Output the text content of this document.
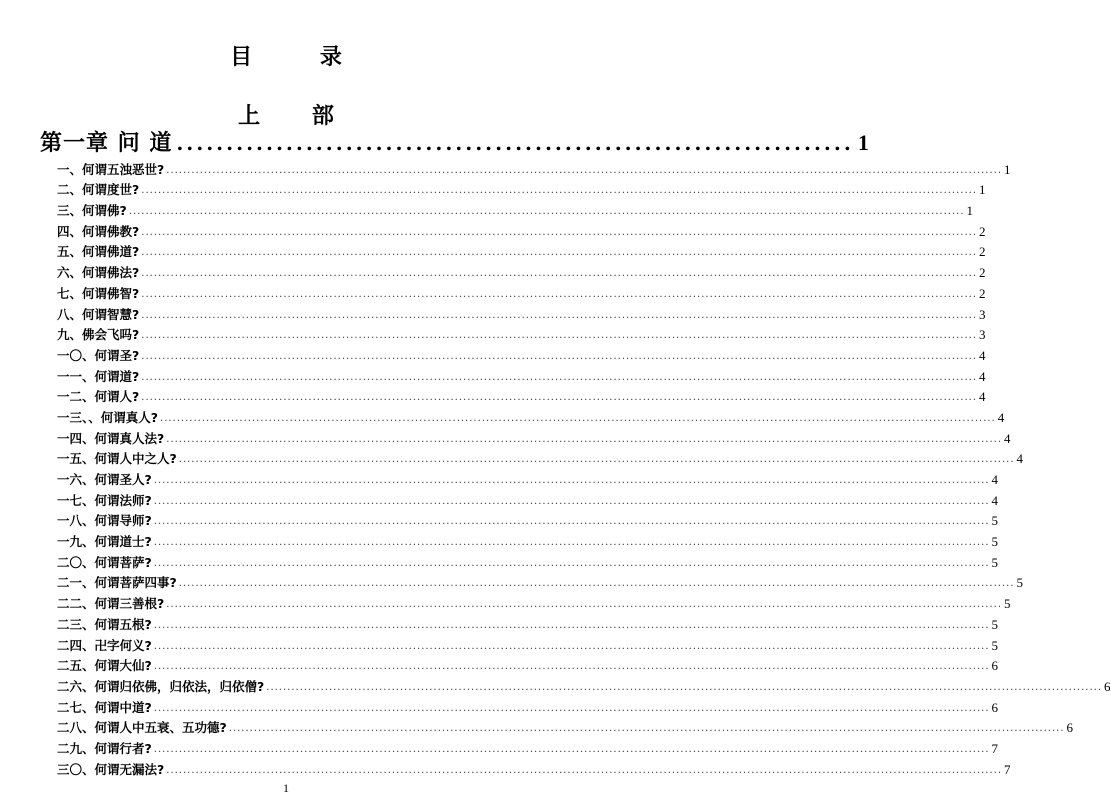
目 录
上 部
第一章 问 道 .................................................................... 1
一、何谓五浊恶世? ........................................................................................................................................................................................................ 1
二、何谓度世? ........................................................................................................................................................................................................ 1
三、何谓佛? ........................................................................................................................................................................................................ 1
四、何谓佛教? ........................................................................................................................................................................................................ 2
五、何谓佛道? ........................................................................................................................................................................................................ 2
六、何谓佛法? ........................................................................................................................................................................................................ 2
七、何谓佛智? ........................................................................................................................................................................................................ 2
八、何谓智慧? ........................................................................................................................................................................................................ 3
九、佛会飞吗? ........................................................................................................................................................................................................ 3
一〇、何谓圣? ........................................................................................................................................................................................................ 4
一一、何谓道? ........................................................................................................................................................................................................ 4
一二、何谓人? ........................................................................................................................................................................................................ 4
一三、、何谓真人? ........................................................................................................................................................................................................ 4
一四、何谓真人法? ........................................................................................................................................................................................................ 4
一五、何谓人中之人? ........................................................................................................................................................................................................ 4
一六、何谓圣人? ........................................................................................................................................................................................................ 4
一七、何谓法师? ........................................................................................................................................................................................................ 4
一八、何谓导师? ........................................................................................................................................................................................................ 5
一九、何谓道士? ........................................................................................................................................................................................................ 5
二〇、何谓菩萨? ........................................................................................................................................................................................................ 5
二一、何谓菩萨四事? ........................................................................................................................................................................................................ 5
二二、何谓三善根? ........................................................................................................................................................................................................ 5
二三、何谓五根? ........................................................................................................................................................................................................ 5
二四、卍字何义? ........................................................................................................................................................................................................ 5
二五、何谓大仙? ........................................................................................................................................................................................................ 6
二六、何谓归依佛，归依法，归依僧? ........................................................................................................................................................................................................ 6
二七、何谓中道? ........................................................................................................................................................................................................ 6
二八、何谓人中五衰、五功德? ........................................................................................................................................................................................................ 6
二九、何谓行者? ........................................................................................................................................................................................................ 7
三〇、何谓无漏法? ........................................................................................................................................................................................................ 7
1
